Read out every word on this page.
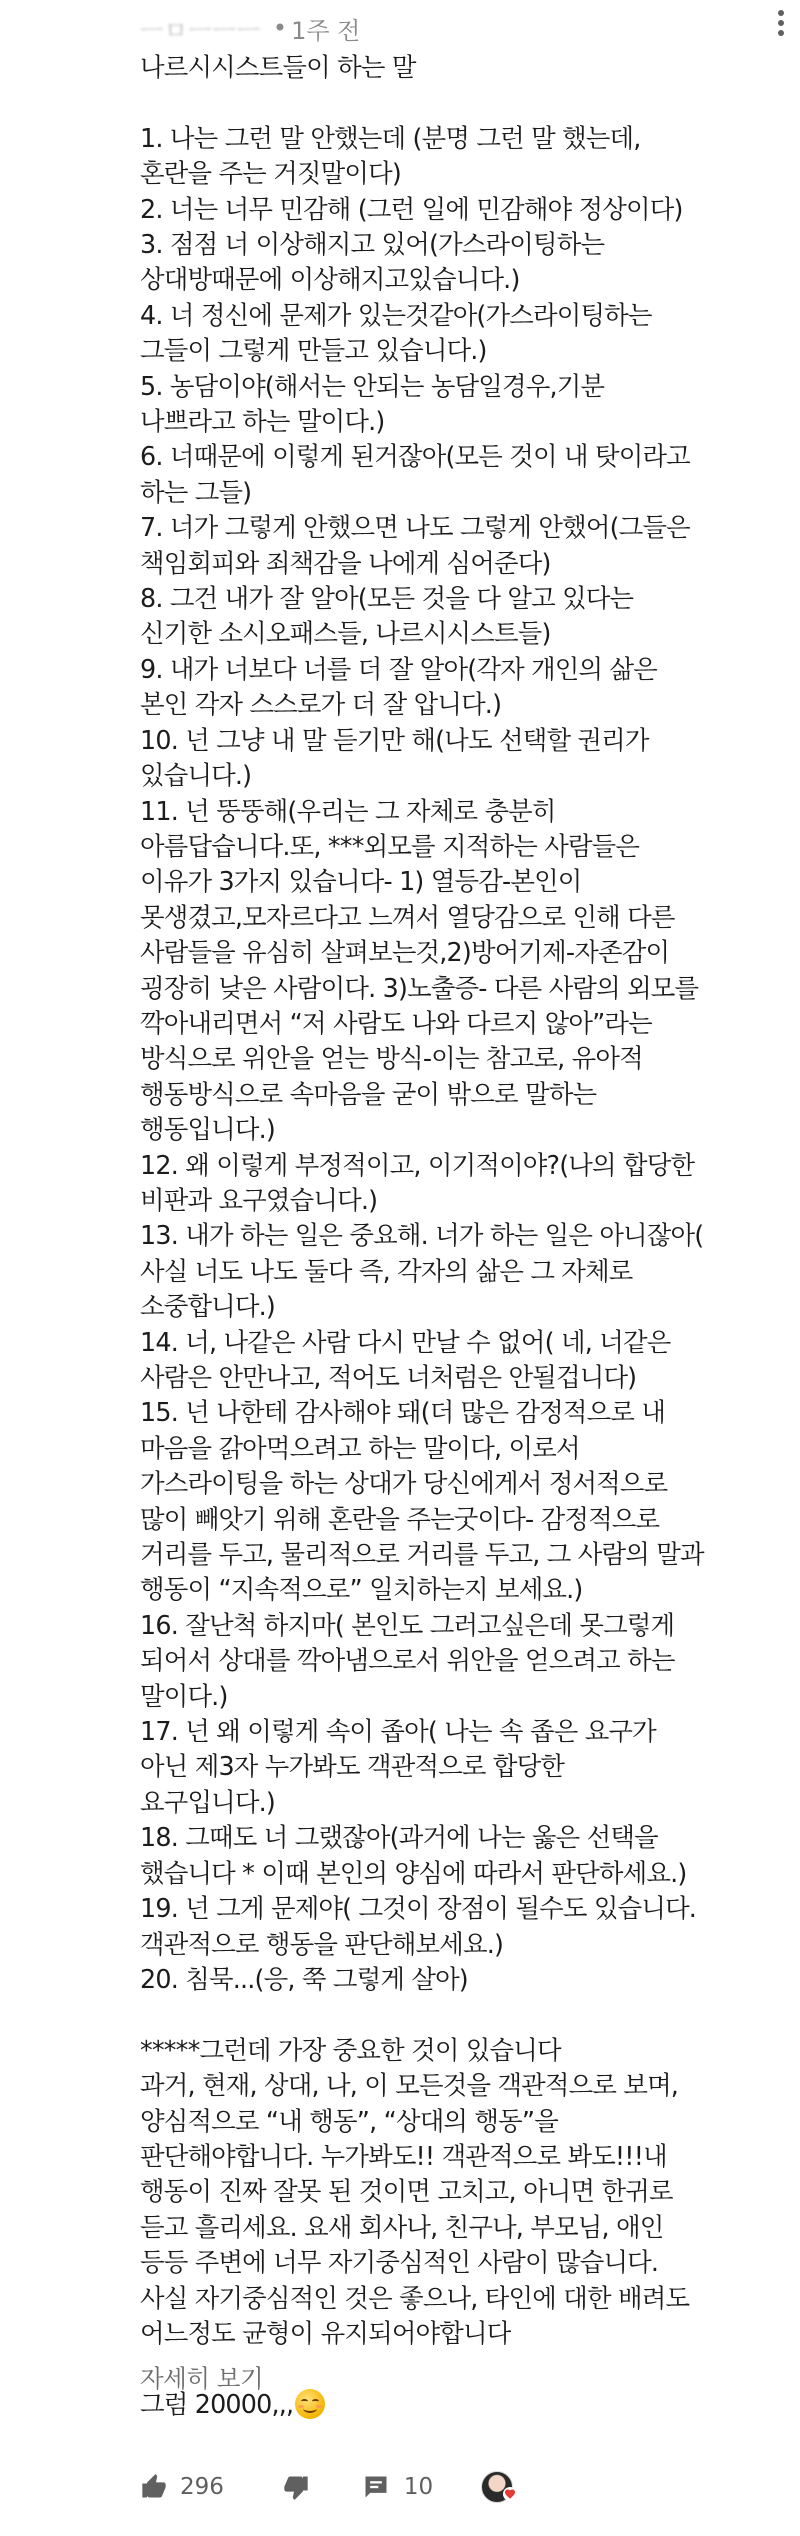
ㅡㅁㅡㅡㅡ • 1주 전
나르시시스트들이 하는 말
1. 나는 그런 말 안했는데 (분명 그런 말 했는데,
혼란을 주는 거짓말이다)
2. 너는 너무 민감해 (그런 일에 민감해야 정상이다)
3. 점점 너 이상해지고 있어(가스라이팅하는
상대방때문에 이상해지고있습니다.)
4. 너 정신에 문제가 있는것같아(가스라이팅하는
그들이 그렇게 만들고 있습니다.)
5. 농담이야(해서는 안되는 농담일경우,기분
나쁘라고 하는 말이다.)
6. 너때문에 이렇게 된거잖아(모든 것이 내 탓이라고
하는 그들)
7. 너가 그렇게 안했으면 나도 그렇게 안했어(그들은
책임회피와 죄책감을 나에게 심어준다)
8. 그건 내가 잘 알아(모든 것을 다 알고 있다는
신기한 소시오패스들, 나르시시스트들)
9. 내가 너보다 너를 더 잘 알아(각자 개인의 삶은
본인 각자 스스로가 더 잘 압니다.)
10. 넌 그냥 내 말 듣기만 해(나도 선택할 권리가
있습니다.)
11. 넌 뚱뚱해(우리는 그 자체로 충분히
아름답습니다.또, ***외모를 지적하는 사람들은
이유가 3가지 있습니다- 1) 열등감-본인이
못생겼고,모자르다고 느껴서 열당감으로 인해 다른
사람들을 유심히 살펴보는것,2)방어기제-자존감이
굉장히 낮은 사람이다. 3)노출증- 다른 사람의 외모를
깍아내리면서 “저 사람도 나와 다르지 않아”라는
방식으로 위안을 얻는 방식-이는 참고로, 유아적
행동방식으로 속마음을 굳이 밖으로 말하는
행동입니다.)
12. 왜 이렇게 부정적이고, 이기적이야?(나의 합당한
비판과 요구였습니다.)
13. 내가 하는 일은 중요해. 너가 하는 일은 아니잖아(
사실 너도 나도 둘다 즉, 각자의 삶은 그 자체로
소중합니다.)
14. 너, 나같은 사람 다시 만날 수 없어( 네, 너같은
사람은 안만나고, 적어도 너처럼은 안될겁니다)
15. 넌 나한테 감사해야 돼(더 많은 감정적으로 내
마음을 갉아먹으려고 하는 말이다, 이로서
가스라이팅을 하는 상대가 당신에게서 정서적으로
많이 빼앗기 위해 혼란을 주는굿이다- 감정적으로
거리를 두고, 물리적으로 거리를 두고, 그 사람의 말과
행동이 “지속적으로” 일치하는지 보세요.)
16. 잘난척 하지마( 본인도 그러고싶은데 못그렇게
되어서 상대를 깍아냄으로서 위안을 얻으려고 하는
말이다.)
17. 넌 왜 이렇게 속이 좁아( 나는 속 좁은 요구가
아닌 제3자 누가봐도 객관적으로 합당한
요구입니다.)
18. 그때도 너 그랬잖아(과거에 나는 옳은 선택을
했습니다 * 이때 본인의 양심에 따라서 판단하세요.)
19. 넌 그게 문제야( 그것이 장점이 될수도 있습니다.
객관적으로 행동을 판단해보세요.)
20. 침묵...(응, 쭉 그렇게 살아)
*****그런데 가장 중요한 것이 있습니다
과거, 현재, 상대, 나, 이 모든것을 객관적으로 보며,
양심적으로 “내 행동”, “상대의 행동”을
판단해야합니다. 누가봐도!! 객관적으로 봐도!!!내
행동이 진짜 잘못 된 것이면 고치고, 아니면 한귀로
듣고 흘리세요. 요새 회사나, 친구나, 부모님, 애인
등등 주변에 너무 자기중심적인 사람이 많습니다.
사실 자기중심적인 것은 좋으나, 타인에 대한 배려도
어느정도 균형이 유지되어야합니다
그럼 20000,,,
자세히 보기
296	10
